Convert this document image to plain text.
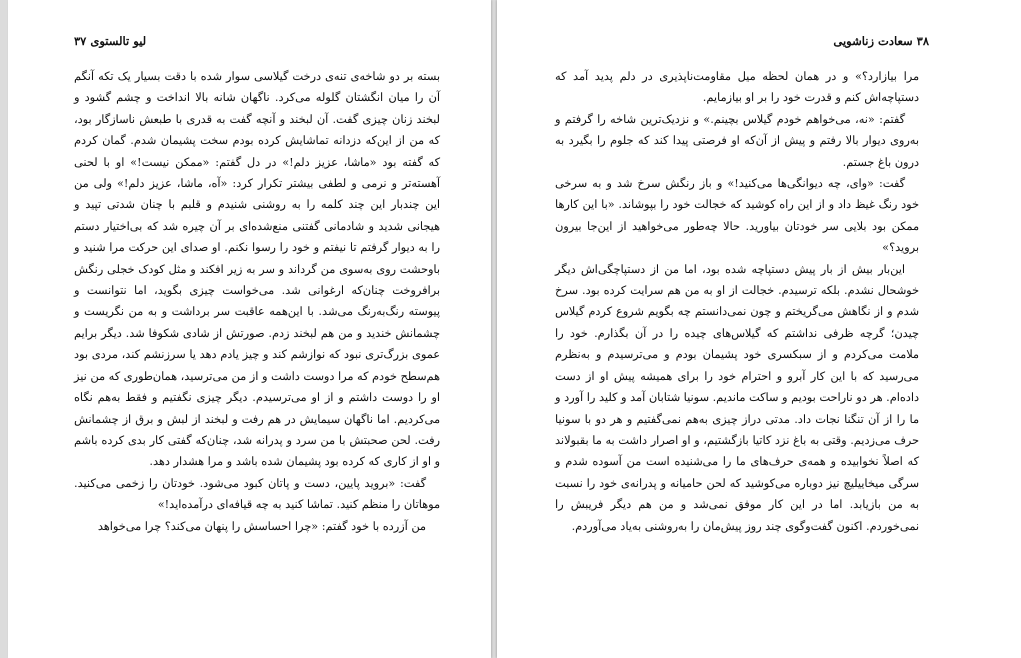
لیو تالستوی ۳۷

بسته بر دو شاخه‌ی تنه‌ی درخت گیلاسی سوار شده با دقت بسیار یک تکه آنگم آن را میان انگشتان گلوله می‌کرد. ناگهان شانه بالا انداخت و چشم گشود و لبخند زنان چیزی گفت. آن لبخند و آنچه گفت به قدری با طبعش ناسازگار بود، که من از این‌که دزدانه تماشایش کرده بودم سخت پشیمان شدم. گمان کردم که گفته بود «ماشا، عزیز دلم!» در دل گفتم: «ممکن نیست!» او با لحنی آهسته‌تر و نرمی و لطفی بیشتر تکرار کرد: «آه، ماشا، عزیز دلم!» ولی من این چندبار این چند کلمه را به روشنی شنیدم و قلبم با چنان شدتی تپید و هیجانی شدید و شادمانی گفتنی منع‌شده‌ای بر آن چیره شد که بی‌اختیار دستم را به دیوار گرفتم تا نیفتم و خود را رسوا نکنم. او صدای این حرکت مرا شنید و باوحشت روی به‌سوی من گرداند و سر به زیر افکند و مثل کودک خجلی رنگش برافروخت چنان‌که ارغوانی شد. می‌خواست چیزی بگوید، اما نتوانست و پیوسته رنگ‌به‌رنگ می‌شد. با این‌همه عاقبت سر برداشت و به من نگریست و چشمانش خندید و من هم لبخند زدم. صورتش از شادی شکوفا شد. دیگر برایم عموی بزرگ‌تری نبود که نوازشم کند و چیز یادم دهد یا سرزنشم کند، مردی بود هم‌سطح خودم که مرا دوست داشت و از من می‌ترسید، همان‌طوری که من نیز او را دوست داشتم و از او می‌ترسیدم. دیگر چیزی نگفتیم و فقط به‌هم نگاه می‌کردیم. اما ناگهان سیمایش در هم رفت و لبخند از لبش و برق از چشمانش رفت. لحن صحبتش با من سرد و پدرانه شد، چنان‌که گفتی کار بدی کرده باشم و او از کاری که کرده بود پشیمان شده باشد و مرا هشدار دهد.

گفت: «بروید پایین، دست و پاتان کبود می‌شود. خودتان را زخمی می‌کنید. موهاتان را منظم کنید. تماشا کنید به چه قیافه‌ای درآمده‌اید!»

من آزرده با خود گفتم: «چرا احساسش را پنهان می‌کند؟ چرا می‌خواهد

۳۸ سعادت زناشویی

مرا بیازارد؟» و در همان لحظه میل مقاومت‌ناپذیری در دلم پدید آمد که دستپاچه‌اش کنم و قدرت خود را بر او بیازمایم.

گفتم: «نه، می‌خواهم خودم گیلاس بچینم.» و نزدیک‌ترین شاخه را گرفتم و به‌روی دیوار بالا رفتم و پیش از آن‌که او فرصتی پیدا کند که جلوم را بگیرد به درون باغ جستم.

گفت: «وای، چه دیوانگی‌ها می‌کنید!» و باز رنگش سرخ شد و به سرخی خود رنگ غیظ داد و از این راه کوشید که خجالت خود را بپوشاند. «با این کارها ممکن بود بلایی سر خودتان بیاورید. حالا چه‌طور می‌خواهید از این‌جا بیرون بروید؟»

این‌بار بیش از بار پیش دستپاچه شده بود، اما من از دستپاچگی‌اش دیگر خوشحال نشدم. بلکه ترسیدم. خجالت از او به من هم سرایت کرده بود. سرخ شدم و از نگاهش می‌گریختم و چون نمی‌دانستم چه بگویم شروع کردم گیلاس چیدن؛ گرچه ظرفی نداشتم که گیلاس‌های چیده را در آن بگذارم. خود را ملامت می‌کردم و از سبکسری خود پشیمان بودم و می‌ترسیدم و به‌نظرم می‌رسید که با این کار آبرو و احترام خود را برای همیشه پیش او از دست داده‌ام. هر دو ناراحت بودیم و ساکت ماندیم. سونیا شتابان آمد و کلید را آورد و ما را از آن تنگنا نجات داد. مدتی دراز چیزی به‌هم نمی‌گفتیم و هر دو با سونیا حرف می‌زدیم. وقتی به باغ نزد کاتیا بازگشتیم، و او اصرار داشت به ما بقبولاند که اصلاً نخوابیده و همه‌ی حرف‌های ما را می‌شنیده است من آسوده شدم و سرگی میخاییلیچ نیز دوباره می‌کوشید که لحن حامیانه و پدرانه‌ی خود را نسبت به من بازیابد. اما در این کار موفق نمی‌شد و من هم دیگر فریبش را نمی‌خوردم. اکنون گفت‌وگوی چند روز پیش‌مان را به‌روشنی به‌یاد می‌آوردم.
